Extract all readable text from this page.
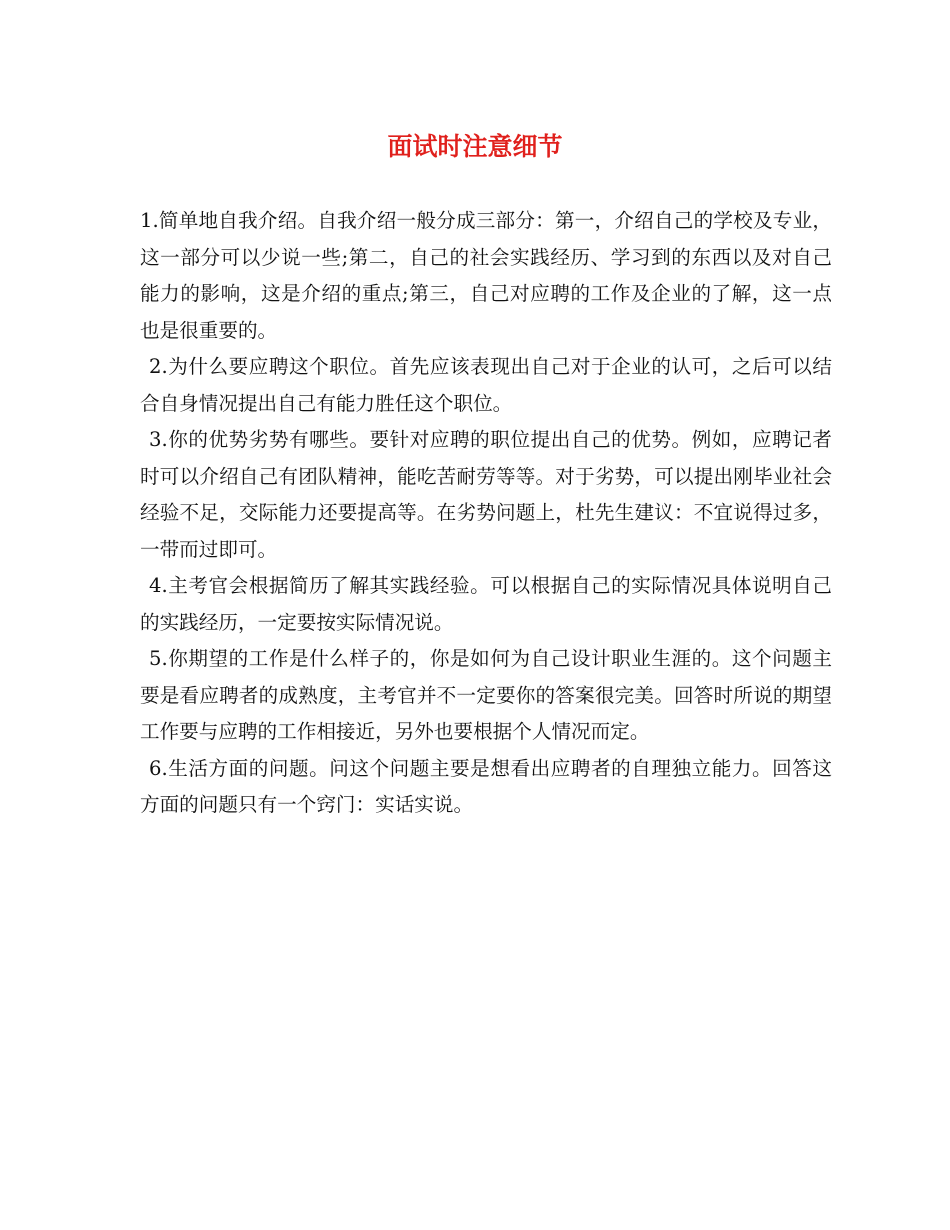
面试时注意细节

1.简单地自我介绍。自我介绍一般分成三部分：第一，介绍自己的学校及专业，这一部分可以少说一些;第二，自己的社会实践经历、学习到的东西以及对自己能力的影响，这是介绍的重点;第三，自己对应聘的工作及企业的了解，这一点也是很重要的。

2.为什么要应聘这个职位。首先应该表现出自己对于企业的认可，之后可以结合自身情况提出自己有能力胜任这个职位。

3.你的优势劣势有哪些。要针对应聘的职位提出自己的优势。例如，应聘记者时可以介绍自己有团队精神，能吃苦耐劳等等。对于劣势，可以提出刚毕业社会经验不足，交际能力还要提高等。在劣势问题上，杜先生建议：不宜说得过多，一带而过即可。

4.主考官会根据简历了解其实践经验。可以根据自己的实际情况具体说明自己的实践经历，一定要按实际情况说。

5.你期望的工作是什么样子的，你是如何为自己设计职业生涯的。这个问题主要是看应聘者的成熟度，主考官并不一定要你的答案很完美。回答时所说的期望工作要与应聘的工作相接近，另外也要根据个人情况而定。

6.生活方面的问题。问这个问题主要是想看出应聘者的自理独立能力。回答这方面的问题只有一个窍门：实话实说。
